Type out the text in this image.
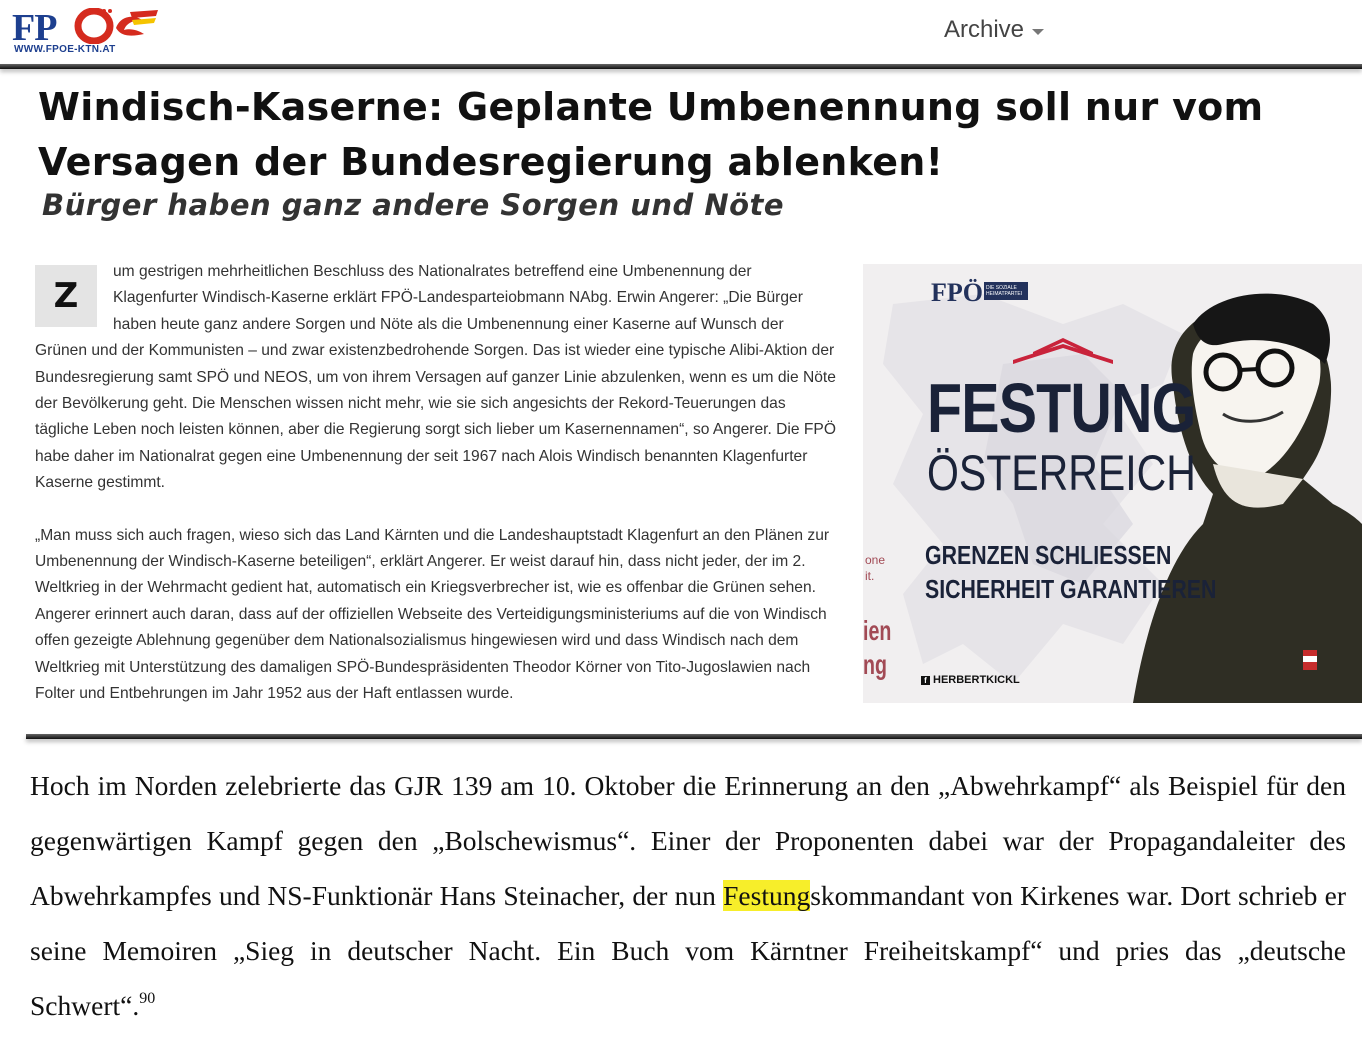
FP
WWW.FPOE-KTN.AT
Archive
Windisch-Kaserne: Geplante Umbenennung soll nur vom Versagen der Bundesregierung ablenken!
Bürger haben ganz andere Sorgen und Nöte
Z

um gestrigen mehrheitlichen Beschluss des Nationalrates betreffend eine Umbenennung der Klagenfurter Windisch-Kaserne erklärt FPÖ-Landesparteiobmann NAbg. Erwin Angerer: „Die Bürger haben heute ganz andere Sorgen und Nöte als die Umbenennung einer Kaserne auf Wunsch der Grünen und der Kommunisten – und zwar existenzbedrohende Sorgen. Das ist wieder eine typische Alibi-Aktion der Bundesregierung samt SPÖ und NEOS, um von ihrem Versagen auf ganzer Linie abzulenken, wenn es um die Nöte der Bevölkerung geht. Die Menschen wissen nicht mehr, wie sie sich angesichts der Rekord-Teuerungen das tägliche Leben noch leisten können, aber die Regierung sorgt sich lieber um Kasernennamen“, so Angerer. Die FPÖ habe daher im Nationalrat gegen eine Umbenennung der seit 1967 nach Alois Windisch benannten Klagenfurter Kaserne gestimmt.

„Man muss sich auch fragen, wieso sich das Land Kärnten und die Landeshauptstadt Klagenfurt an den Plänen zur Umbenennung der Windisch-Kaserne beteiligen“, erklärt Angerer. Er weist darauf hin, dass nicht jeder, der im 2. Weltkrieg in der Wehrmacht gedient hat, automatisch ein Kriegsverbrecher ist, wie es offenbar die Grünen sehen. Angerer erinnert auch daran, dass auf der offiziellen Webseite des Verteidigungsministeriums auf die von Windisch offen gezeigte Ablehnung gegenüber dem Nationalsozialismus hingewiesen wird und dass Windisch nach dem Weltkrieg mit Unterstützung des damaligen SPÖ-Bundespräsidenten Theodor Körner von Tito-Jugoslawien nach Folter und Entbehrungen im Jahr 1952 aus der Haft entlassen wurde.

one
it.
ien
ng
FPÖ DIE SOZIALE HEIMATPARTEI
FESTUNG
ÖSTERREICH
GRENZEN SCHLIESSEN
SICHERHEIT GARANTIEREN
f HERBERTKICKL

Hoch im Norden zelebrierte das GJR 139 am 10. Oktober die Erinnerung an den „Abwehrkampf“ als Beispiel für den gegenwärtigen Kampf gegen den „Bolschewismus“. Einer der Proponenten dabei war der Propagandaleiter des Abwehrkampfes und NS-Funktionär Hans Steinacher, der nun Festungskommandant von Kirkenes war. Dort schrieb er seine Memoiren „Sieg in deutscher Nacht. Ein Buch vom Kärntner Freiheitskampf“ und pries das „deutsche Schwert“.$^{90}$
